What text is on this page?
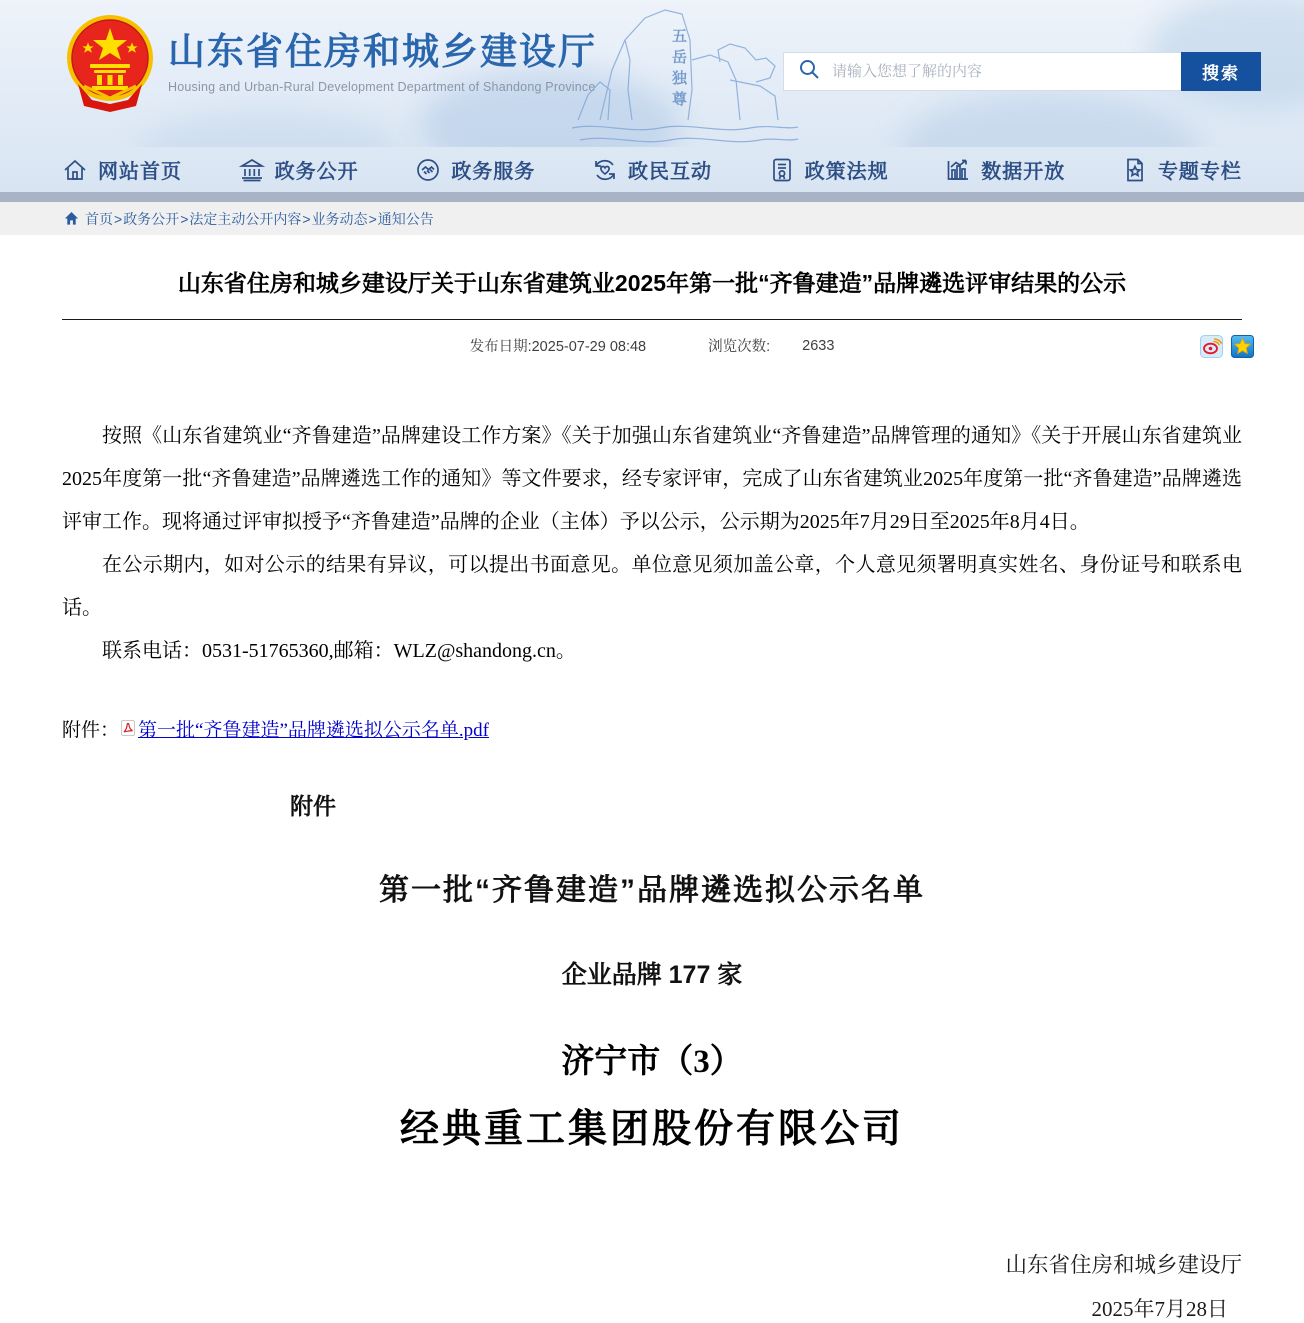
山东省住房和城乡建设厅
Housing and Urban-Rural Development Department of Shandong Province	五岳独尊
请输入您想了解的内容	搜索
网站首页	政务公开	政务服务	政民互动	政策法规	数据开放	专题专栏
首页 > 政务公开 > 法定主动公开内容 > 业务动态 > 通知公告
山东省住房和城乡建设厅关于山东省建筑业2025年第一批“齐鲁建造”品牌遴选评审结果的公示
发布日期:2025-07-29 08:48	浏览次数: 2633

按照《山东省建筑业“齐鲁建造”品牌建设工作方案》《关于加强山东省建筑业“齐鲁建造”品牌管理的通知》《关于开展山东省建筑业2025年度第一批“齐鲁建造”品牌遴选工作的通知》等文件要求，经专家评审，完成了山东省建筑业2025年度第一批“齐鲁建造”品牌遴选评审工作。现将通过评审拟授予“齐鲁建造”品牌的企业（主体）予以公示，公示期为2025年7月29日至2025年8月4日。

在公示期内，如对公示的结果有异议，可以提出书面意见。单位意见须加盖公章，个人意见须署明真实姓名、身份证号和联系电话。

联系电话：0531-51765360,邮箱：WLZ@shandong.cn。

附件： 第一批“齐鲁建造”品牌遴选拟公示名单.pdf
附件
第一批“齐鲁建造”品牌遴选拟公示名单
企业品牌 177 家
济宁市（3）
经典重工集团股份有限公司
山东省住房和城乡建设厅
2025年7月28日
